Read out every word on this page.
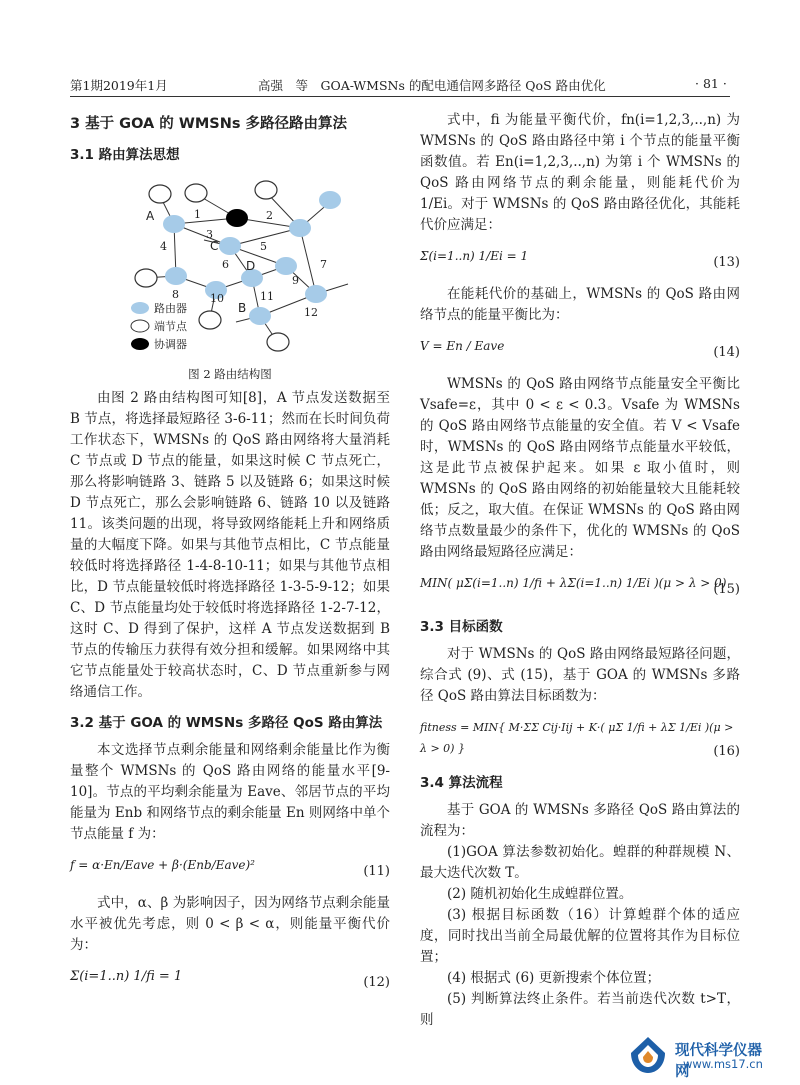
第1期2019年1月	高强　等　GOA-WMSNs 的配电通信网多路径 QoS 路由优化	· 81 ·
3 基于 GOA 的 WMSNs 多路径路由算法
3.1 路由算法思想
A
B
C
D
1	2
3
4	5
6	7
8
9
10	11
12
路由器
端节点
协调器
图 2 路由结构图

由图 2 路由结构图可知[8]，A 节点发送数据至 B 节点，将选择最短路径 3-6-11；然而在长时间负荷工作状态下，WMSNs 的 QoS 路由网络将大量消耗 C 节点或 D 节点的能量，如果这时候 C 节点死亡，那么将影响链路 3、链路 5 以及链路 6；如果这时候 D 节点死亡，那么会影响链路 6、链路 10 以及链路 11。该类问题的出现，将导致网络能耗上升和网络质量的大幅度下降。如果与其他节点相比，C 节点能量较低时将选择路径 1-4-8-10-11；如果与其他节点相比，D 节点能量较低时将选择路径 1-3-5-9-12；如果 C、D 节点能量均处于较低时将选择路径 1-2-7-12，这时 C、D 得到了保护，这样 A 节点发送数据到 B 节点的传输压力获得有效分担和缓解。如果网络中其它节点能量处于较高状态时，C、D 节点重新参与网络通信工作。

3.2 基于 GOA 的 WMSNs 多路径 QoS 路由算法

本文选择节点剩余能量和网络剩余能量比作为衡量整个 WMSNs 的 QoS 路由网络的能量水平[9-10]。节点的平均剩余能量为 Eave、邻居节点的平均能量为 Enb 和网络节点的剩余能量 En 则网络中单个节点能量 f 为：

f = α·En/Eave + β·(Enb/Eave)²	(11)

式中，α、β 为影响因子，因为网络节点剩余能量水平被优先考虑，则 0 < β < α，则能量平衡代价为：

Σ(i=1..n) 1/fi = 1	(12)

式中，fi 为能量平衡代价，fn(i=1,2,3,..,n) 为 WMSNs 的 QoS 路由路径中第 i 个节点的能量平衡函数值。若 En(i=1,2,3,..,n) 为第 i 个 WMSNs 的 QoS 路由网络节点的剩余能量，则能耗代价为 1/Ei。对于 WMSNs 的 QoS 路由路径优化，其能耗代价应满足：

Σ(i=1..n) 1/Ei = 1	(13)

在能耗代价的基础上，WMSNs 的 QoS 路由网络节点的能量平衡比为：

V = En / Eave	(14)

WMSNs 的 QoS 路由网络节点能量安全平衡比 Vsafe=ε，其中 0 < ε < 0.3。Vsafe 为 WMSNs 的 QoS 路由网络节点能量的安全值。若 V < Vsafe 时，WMSNs 的 QoS 路由网络节点能量水平较低，这是此节点被保护起来。如果 ε 取小值时，则 WMSNs 的 QoS 路由网络的初始能量较大且能耗较低；反之，取大值。在保证 WMSNs 的 QoS 路由网络节点数量最少的条件下，优化的 WMSNs 的 QoS 路由网络最短路径应满足：

MIN( μΣ(i=1..n) 1/fi + λΣ(i=1..n) 1/Ei )(μ > λ > 0)
(15)
3.3 目标函数

对于 WMSNs 的 QoS 路由网络最短路径问题，综合式 (9)、式 (15)，基于 GOA 的 WMSNs 多路径 QoS 路由算法目标函数为：

fitness = MIN{ M·ΣΣ Cij·Iij + K·( μΣ 1/fi + λΣ 1/Ei )(μ > λ > 0) }	(16)
3.4 算法流程

基于 GOA 的 WMSNs 多路径 QoS 路由算法的流程为：

(1)GOA 算法参数初始化。蝗群的种群规模 N、最大迭代次数 T。

(2) 随机初始化生成蝗群位置。

(3) 根据目标函数（16）计算蝗群个体的适应度，同时找出当前全局最优解的位置将其作为目标位置；

(4) 根据式 (6) 更新搜索个体位置；

(5) 判断算法终止条件。若当前迭代次数 t>T，则

现代科学仪器网
www.ms17.cn
